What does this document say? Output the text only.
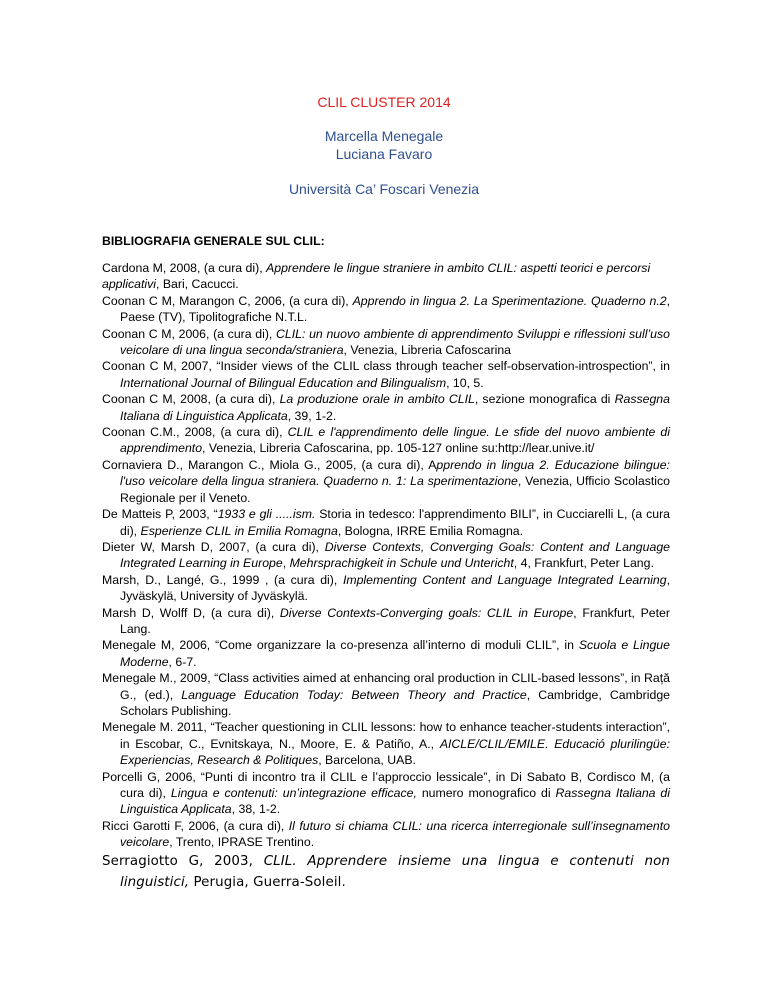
CLIL CLUSTER 2014
Marcella Menegale
Luciana Favaro
Università Ca’ Foscari Venezia
BIBLIOGRAFIA GENERALE SUL CLIL:

Cardona M, 2008, (a cura di), Apprendere le lingue straniere in ambito CLIL: aspetti teorici e percorsi applicativi, Bari, Cacucci.

Coonan C M, Marangon C, 2006, (a cura di), Apprendo in lingua 2. La Sperimentazione. Quaderno n.2, Paese (TV), Tipolitografiche N.T.L.

Coonan C M, 2006, (a cura di), CLIL: un nuovo ambiente di apprendimento Sviluppi e riflessioni sull’uso veicolare di una lingua seconda/straniera, Venezia, Libreria Cafoscarina

Coonan C M, 2007, “Insider views of the CLIL class through teacher self-observation-introspection”, in International Journal of Bilingual Education and Bilingualism, 10, 5.

Coonan C M, 2008, (a cura di), La produzione orale in ambito CLIL, sezione monografica di Rassegna Italiana di Linguistica Applicata, 39, 1-2.

Coonan C.M., 2008, (a cura di), CLIL e l'apprendimento delle lingue. Le sfide del nuovo ambiente di apprendimento, Venezia, Libreria Cafoscarina, pp. 105-127 online su:http://lear.unive.it/

Cornaviera D., Marangon C., Miola G., 2005, (a cura di), Apprendo in lingua 2. Educazione bilingue: l'uso veicolare della lingua straniera. Quaderno n. 1: La sperimentazione, Venezia, Ufficio Scolastico Regionale per il Veneto.

De Matteis P, 2003, “1933 e gli .....ism. Storia in tedesco: l'apprendimento BILI”, in Cucciarelli L, (a cura di), Esperienze CLIL in Emilia Romagna, Bologna, IRRE Emilia Romagna.

Dieter W, Marsh D, 2007, (a cura di), Diverse Contexts, Converging Goals: Content and Language Integrated Learning in Europe, Mehrsprachigkeit in Schule und Untericht, 4, Frankfurt, Peter Lang.

Marsh, D., Langé, G., 1999 , (a cura di), Implementing Content and Language Integrated Learning, Jyväskylä, University of Jyväskylä.

Marsh D, Wolff D, (a cura di), Diverse Contexts-Converging goals: CLIL in Europe, Frankfurt, Peter Lang.

Menegale M, 2006, “Come organizzare la co-presenza all’interno di moduli CLIL”, in Scuola e Lingue Moderne, 6-7.

Menegale M., 2009, “Class activities aimed at enhancing oral production in CLIL-based lessons”, in Rață G., (ed.), Language Education Today: Between Theory and Practice, Cambridge, Cambridge Scholars Publishing.

Menegale M. 2011, “Teacher questioning in CLIL lessons: how to enhance teacher-students interaction”, in Escobar, C., Evnitskaya, N., Moore, E. & Patiño, A., AICLE/CLIL/EMILE. Educació plurilingüe: Experiencias, Research & Politiques, Barcelona, UAB.

Porcelli G, 2006, “Punti di incontro tra il CLIL e l’approccio lessicale”, in Di Sabato B, Cordisco M, (a cura di), Lingua e contenuti: un’integrazione efficace, numero monografico di Rassegna Italiana di Linguistica Applicata, 38, 1-2.

Ricci Garotti F, 2006, (a cura di), Il futuro si chiama CLIL: una ricerca interregionale sull’insegnamento veicolare, Trento, IPRASE Trentino.

Serragiotto G, 2003, CLIL. Apprendere insieme una lingua e contenuti non linguistici, Perugia, Guerra-Soleil.
